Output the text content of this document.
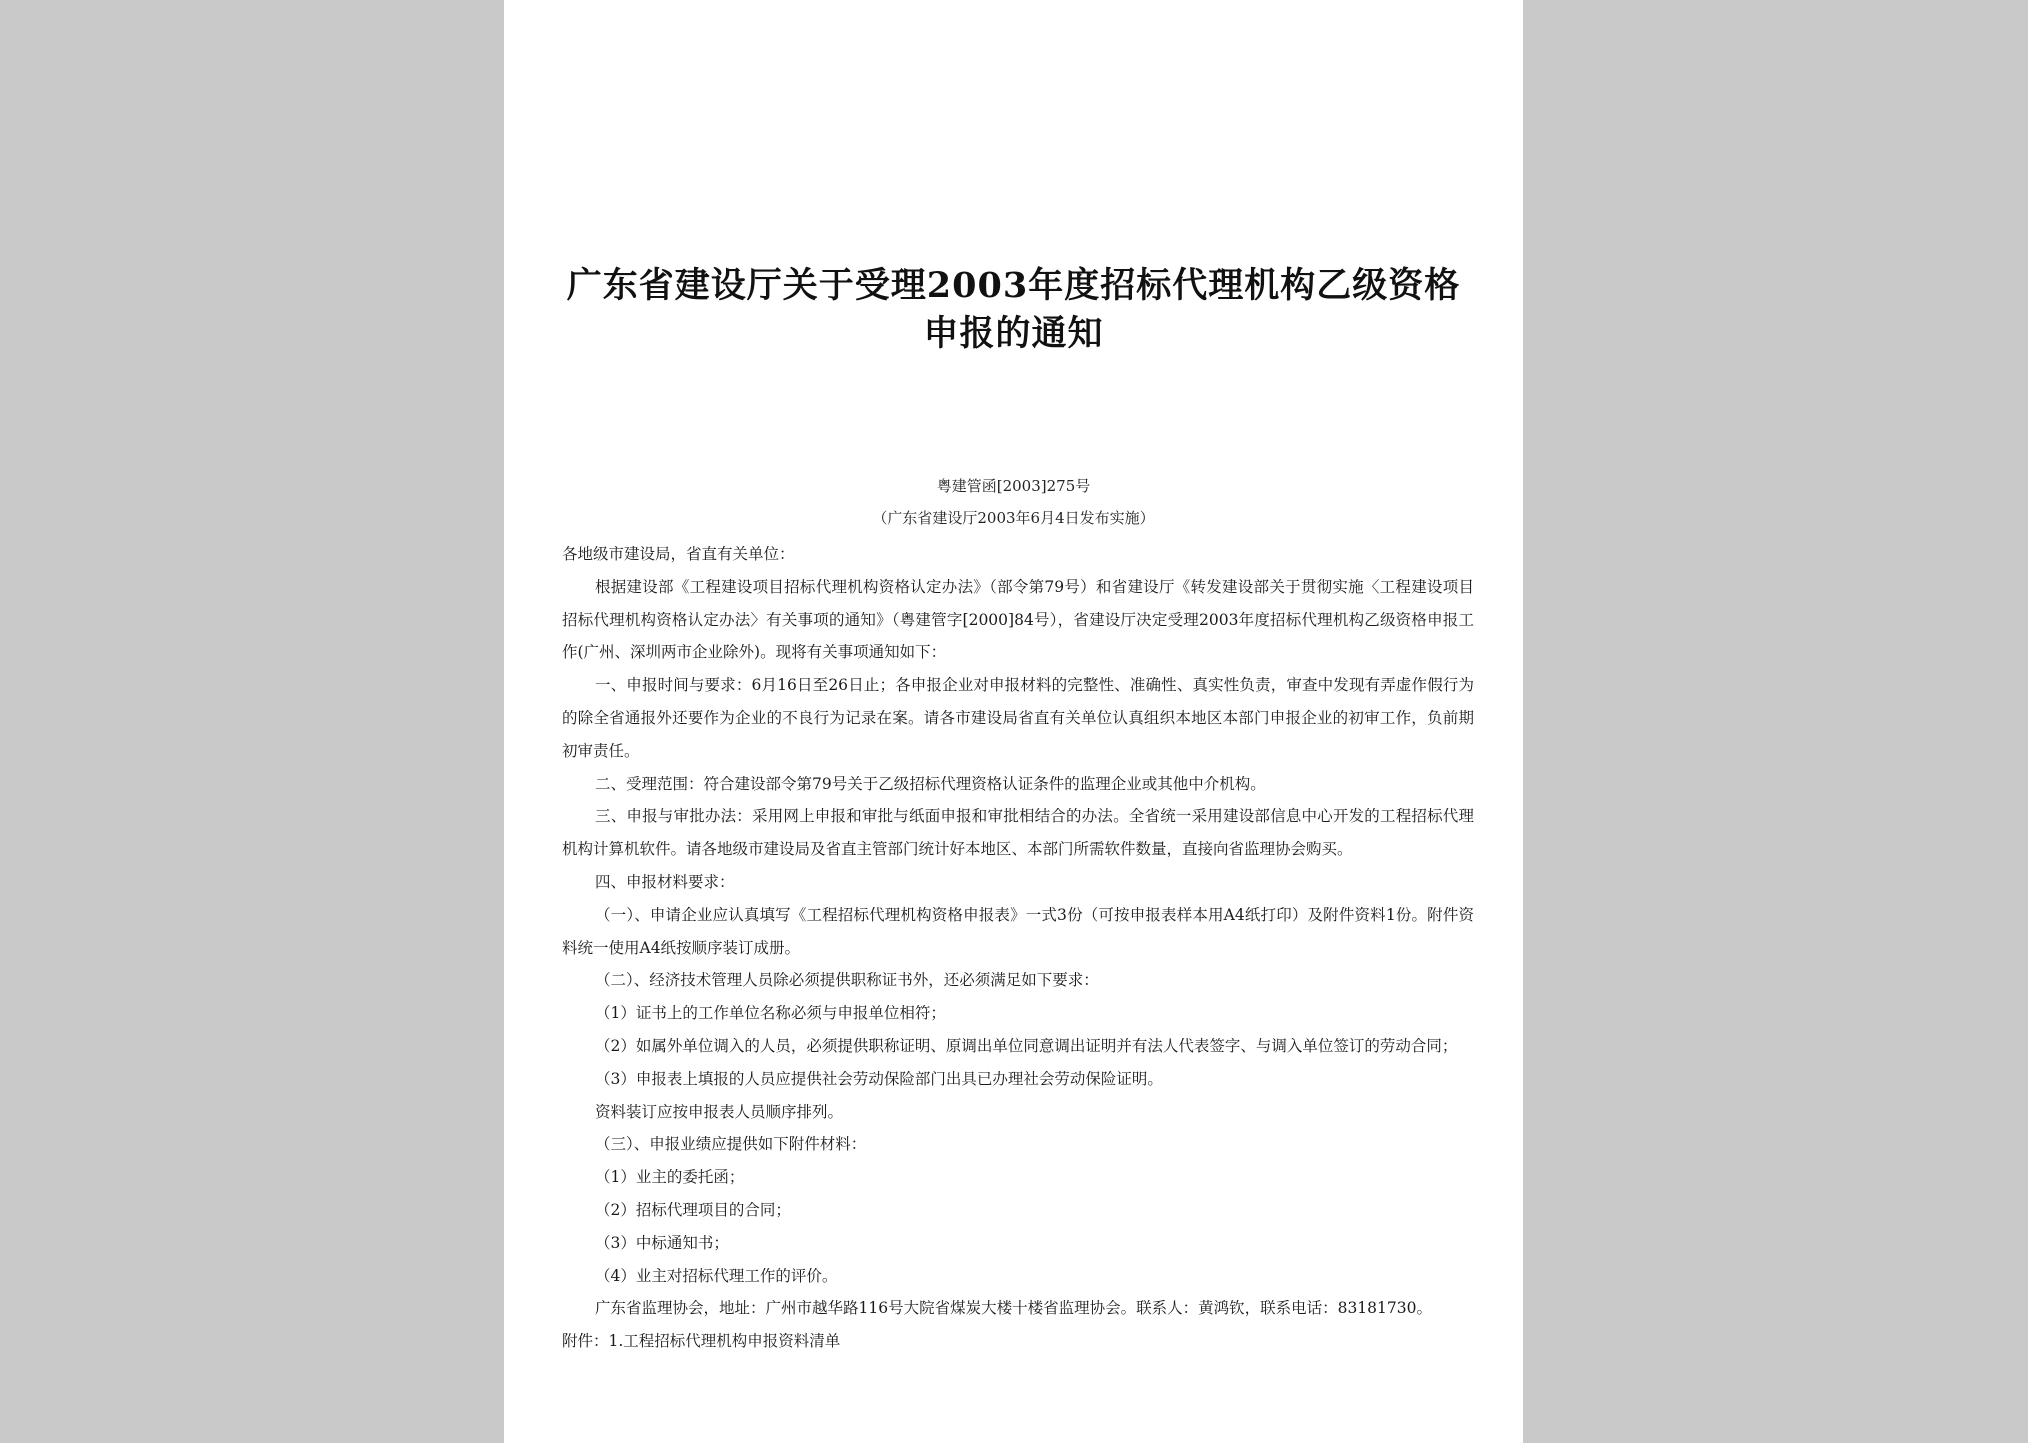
广东省建设厅关于受理2003年度招标代理机构乙级资格
申报的通知
粤建管函[2003]275号
（广东省建设厅2003年6月4日发布实施）

各地级市建设局，省直有关单位：

根据建设部《工程建设项目招标代理机构资格认定办法》（部令第79号）和省建设厅《转发建设部关于贯彻实施〈工程建设项目招标代理机构资格认定办法〉有关事项的通知》（粤建管字[2000]84号），省建设厅决定受理2003年度招标代理机构乙级资格申报工作(广州、深圳两市企业除外)。现将有关事项通知如下：

一、申报时间与要求：6月16日至26日止；各申报企业对申报材料的完整性、准确性、真实性负责，审查中发现有弄虚作假行为的除全省通报外还要作为企业的不良行为记录在案。请各市建设局省直有关单位认真组织本地区本部门申报企业的初审工作，负前期初审责任。

二、受理范围：符合建设部令第79号关于乙级招标代理资格认证条件的监理企业或其他中介机构。

三、申报与审批办法：采用网上申报和审批与纸面申报和审批相结合的办法。全省统一采用建设部信息中心开发的工程招标代理机构计算机软件。请各地级市建设局及省直主管部门统计好本地区、本部门所需软件数量，直接向省监理协会购买。

四、申报材料要求：

（一）、申请企业应认真填写《工程招标代理机构资格申报表》一式3份（可按申报表样本用A4纸打印）及附件资料1份。附件资料统一使用A4纸按顺序装订成册。

（二）、经济技术管理人员除必须提供职称证书外，还必须满足如下要求：

（1）证书上的工作单位名称必须与申报单位相符；

（2）如属外单位调入的人员，必须提供职称证明、原调出单位同意调出证明并有法人代表签字、与调入单位签订的劳动合同；

（3）申报表上填报的人员应提供社会劳动保险部门出具已办理社会劳动保险证明。

资料装订应按申报表人员顺序排列。

（三）、申报业绩应提供如下附件材料：

（1）业主的委托函；

（2）招标代理项目的合同；

（3）中标通知书；

（4）业主对招标代理工作的评价。

广东省监理协会，地址：广州市越华路116号大院省煤炭大楼十楼省监理协会。联系人：黄鸿钦，联系电话：83181730。

附件：1.工程招标代理机构申报资料清单
